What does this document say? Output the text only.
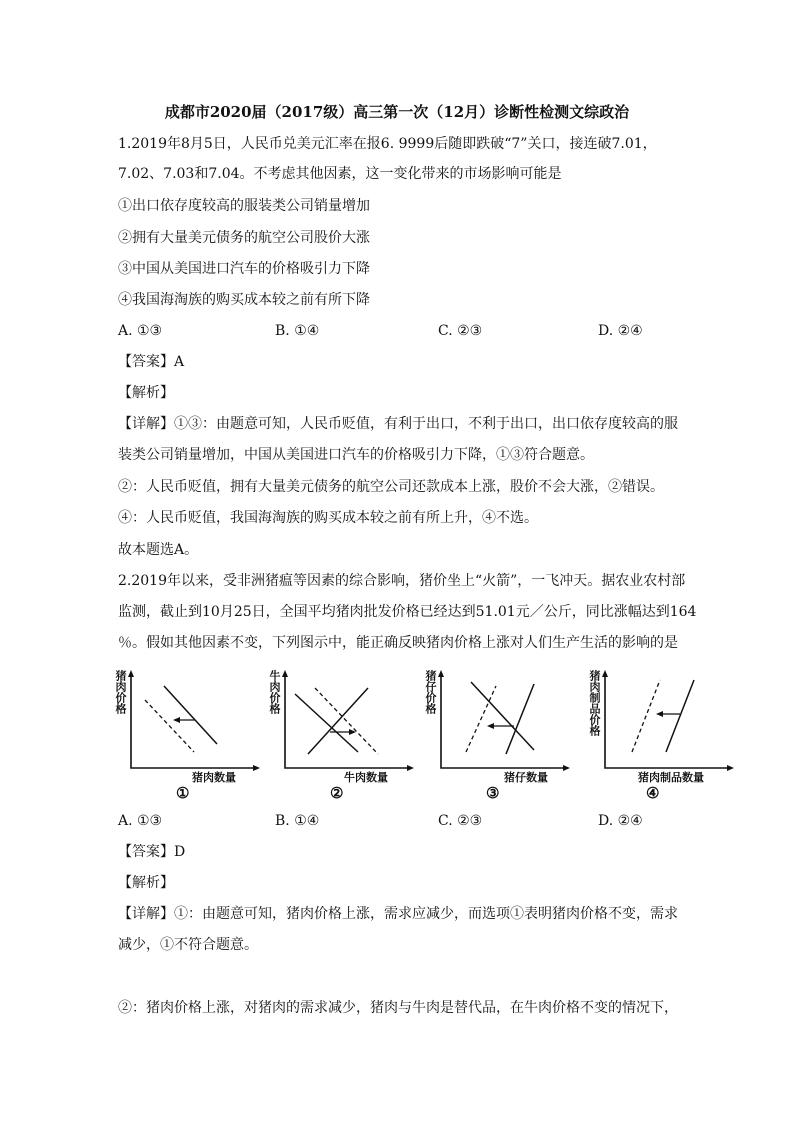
成都市2020届（2017级）高三第一次（12月）诊断性检测文综政治
1.2019年8月5日，人民币兑美元汇率在报6. 9999后随即跌破“7”关口，接连破7.01，
7.02、7.03和7.04。不考虑其他因素，这一变化带来的市场影响可能是
①出口依存度较高的服装类公司销量增加
②拥有大量美元债务的航空公司股价大涨
③中国从美国进口汽车的价格吸引力下降
④我国海淘族的购买成本较之前有所下降
A. ①③	B. ①④	C. ②③	D. ②④
【答案】A
【解析】
【详解】①③：由题意可知，人民币贬值，有利于出口，不利于出口，出口依存度较高的服
装类公司销量增加，中国从美国进口汽车的价格吸引力下降，①③符合题意。
②：人民币贬值，拥有大量美元债务的航空公司还款成本上涨，股价不会大涨，②错误。
④：人民币贬值，我国海淘族的购买成本较之前有所上升，④不选。
故本题选A。
2.2019年以来，受非洲猪瘟等因素的综合影响，猪价坐上“火箭”，一飞冲天。据农业农村部
监测，截止到10月25日，全国平均猪肉批发价格已经达到51.01元／公斤，同比涨幅达到164
％。假如其他因素不变，下列图示中，能正确反映猪肉价格上涨对人们生产生活的影响的是
猪肉价格
猪肉数量
①
牛肉价格
牛肉数量
②
猪仔价格
猪仔数量
③
猪肉制品价格
猪肉制品数量
④
A. ①③	B. ①④	C. ②③	D. ②④
【答案】D
【解析】
【详解】①：由题意可知，猪肉价格上涨，需求应减少，而选项①表明猪肉价格不变，需求
减少，①不符合题意。
②：猪肉价格上涨，对猪肉的需求减少，猪肉与牛肉是替代品，在牛肉价格不变的情况下，
